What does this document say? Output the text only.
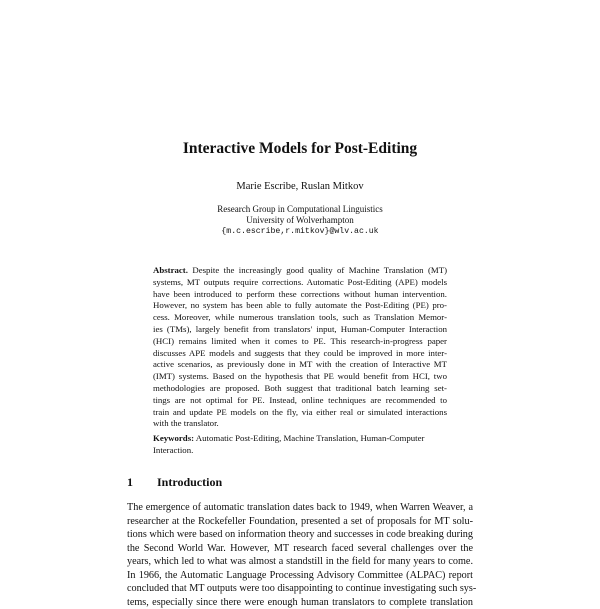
Interactive Models for Post-Editing
Marie Escribe, Ruslan Mitkov
Research Group in Computational Linguistics
University of Wolverhampton
{m.c.escribe,r.mitkov}@wlv.ac.uk
Abstract. Despite the increasingly good quality of Machine Translation (MT)
systems, MT outputs require corrections. Automatic Post-Editing (APE) models
have been introduced to perform these corrections without human intervention.
However, no system has been able to fully automate the Post-Editing (PE) pro-
cess. Moreover, while numerous translation tools, such as Translation Memor-
ies (TMs), largely benefit from translators' input, Human-Computer Interaction
(HCI) remains limited when it comes to PE. This research-in-progress paper
discusses APE models and suggests that they could be improved in more inter-
active scenarios, as previously done in MT with the creation of Interactive MT
(IMT) systems. Based on the hypothesis that PE would benefit from HCI, two
methodologies are proposed. Both suggest that traditional batch learning set-
tings are not optimal for PE. Instead, online techniques are recommended to
train and update PE models on the fly, via either real or simulated interactions
with the translator.
Keywords: Automatic Post-Editing, Machine Translation, Human-Computer
Interaction.
1 Introduction
The emergence of automatic translation dates back to 1949, when Warren Weaver, a
researcher at the Rockefeller Foundation, presented a set of proposals for MT solu-
tions which were based on information theory and successes in code breaking during
the Second World War. However, MT research faced several challenges over the
years, which led to what was almost a standstill in the field for many years to come.
In 1966, the Automatic Language Processing Advisory Committee (ALPAC) report
concluded that MT outputs were too disappointing to continue investigating such sys-
tems, especially since there were enough human translators to complete translation
